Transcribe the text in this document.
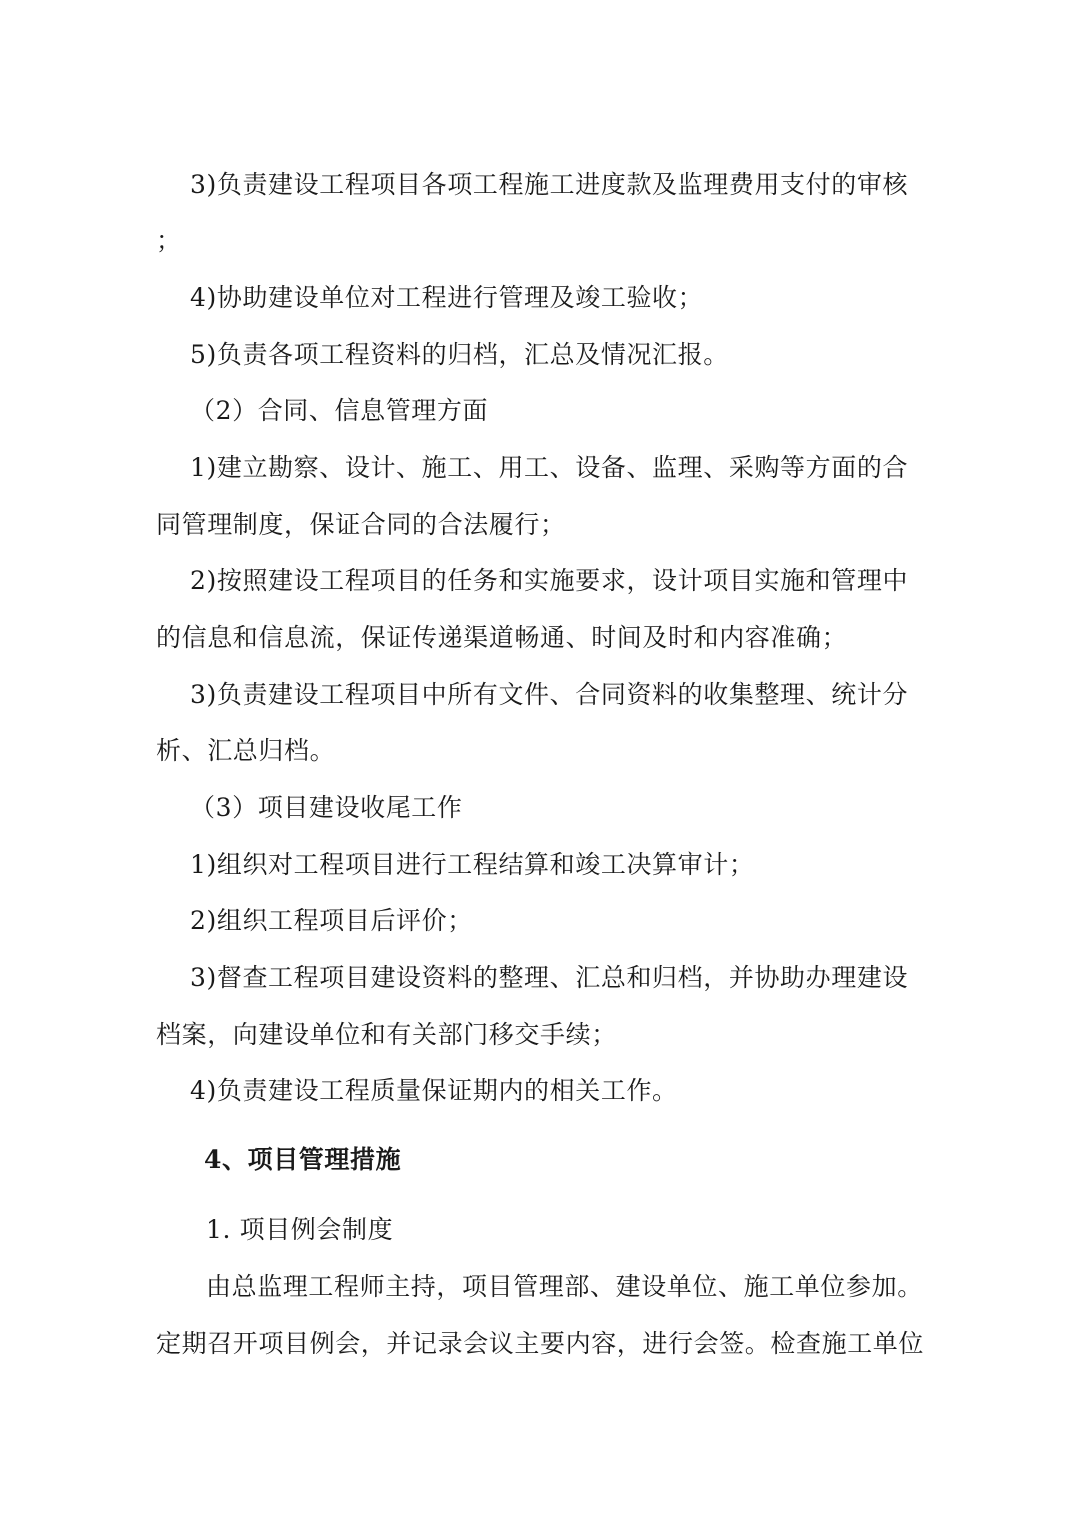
3)负责建设工程项目各项工程施工进度款及监理费用支付的审核
；
4)协助建设单位对工程进行管理及竣工验收；
5)负责各项工程资料的归档，汇总及情况汇报。
（2）合同、信息管理方面
1)建立勘察、设计、施工、用工、设备、监理、采购等方面的合
同管理制度，保证合同的合法履行；
2)按照建设工程项目的任务和实施要求，设计项目实施和管理中
的信息和信息流，保证传递渠道畅通、时间及时和内容准确；
3)负责建设工程项目中所有文件、合同资料的收集整理、统计分
析、汇总归档。
（3）项目建设收尾工作
1)组织对工程项目进行工程结算和竣工决算审计；
2)组织工程项目后评价；
3)督查工程项目建设资料的整理、汇总和归档，并协助办理建设
档案，向建设单位和有关部门移交手续；
4)负责建设工程质量保证期内的相关工作。
4、项目管理措施
1. 项目例会制度
由总监理工程师主持，项目管理部、建设单位、施工单位参加。
定期召开项目例会，并记录会议主要内容，进行会签。检查施工单位
